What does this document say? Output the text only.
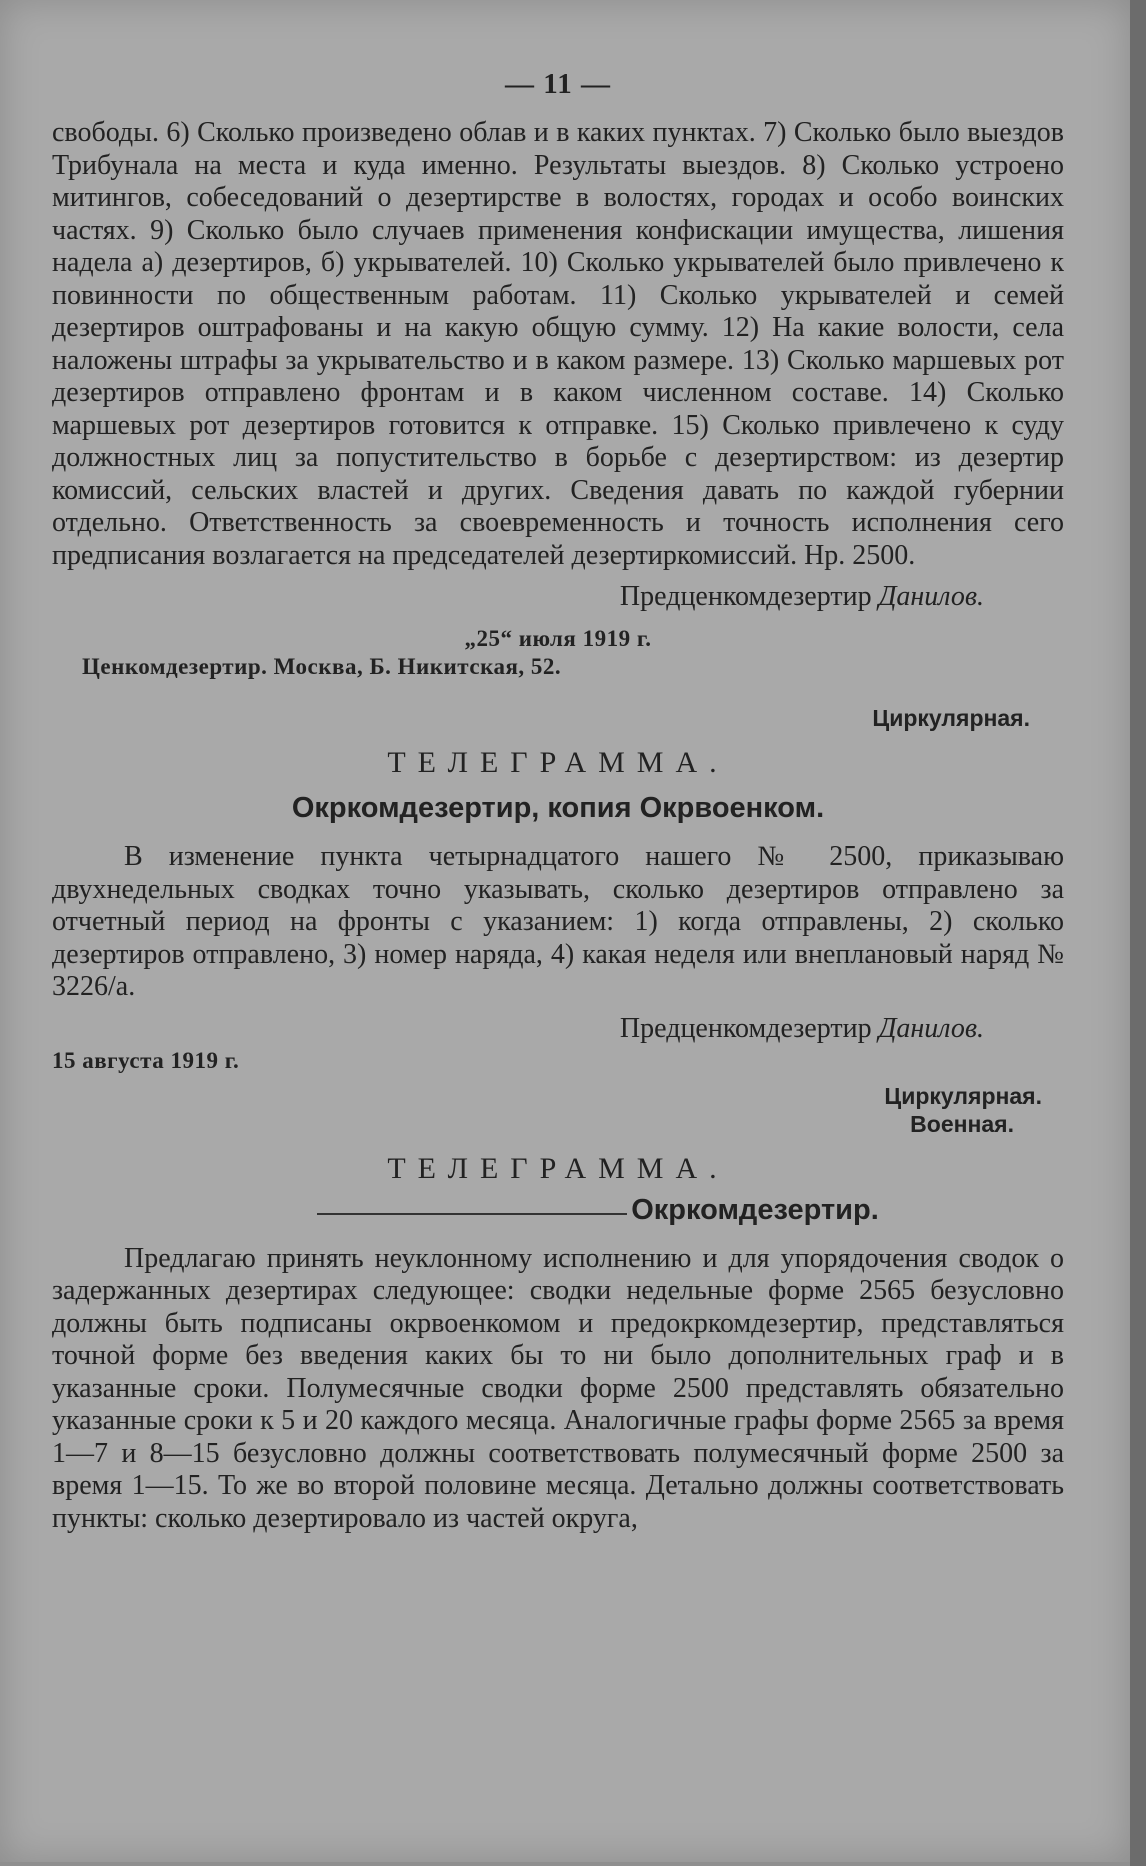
— 11 —

свободы. 6) Сколько произведено облав и в каких пунктах. 7) Сколько было выездов Трибунала на места и куда именно. Результаты выездов. 8) Сколько устроено митингов, собеседований о дезертирстве в волостях, городах и особо воинских частях. 9) Сколько было случаев применения конфискации имущества, лишения надела а) дезертиров, б) укрывателей. 10) Сколько укрывателей было привлечено к повинности по общественным работам. 11) Сколько укрывателей и семей дезертиров оштрафованы и на какую общую сумму. 12) На какие волости, села наложены штрафы за укрывательство и в каком размере. 13) Сколько маршевых рот дезертиров отправлено фронтам и в каком численном составе. 14) Сколько маршевых рот дезертиров готовится к отправке. 15) Сколько привлечено к суду должностных лиц за попустительство в борьбе с дезертирством: из дезертир комиссий, сельских властей и других. Сведения давать по каждой губернии отдельно. Ответственность за своевременность и точность исполнения сего предписания возлагается на председателей дезертиркомиссий. Нр. 2500.

Предценкомдезертир Данилов.
„25“ июля 1919 г.
Ценкомдезертир. Москва, Б. Никитская, 52.
Циркулярная.
ТЕЛЕГРАММА.
Окркомдезертир, копия Окрвоенком.

В изменение пункта четырнадцатого нашего № 2500, приказываю двухнедельных сводках точно указывать, сколько дезертиров отправлено за отчетный период на фронты с указанием: 1) когда отправлены, 2) сколько дезертиров отправлено, 3) номер наряда, 4) какая неделя или внеплановый наряд № 3226/а.

Предценкомдезертир Данилов.
15 августа 1919 г.
Циркулярная.
Военная.
ТЕЛЕГРАММА.
Окркомдезертир.

Предлагаю принять неуклонному исполнению и для упорядочения сводок о задержанных дезертирах следующее: сводки недельные форме 2565 безусловно должны быть подписаны окрвоенкомом и предокркомдезертир, представляться точной форме без введения каких бы то ни было дополнительных граф и в указанные сроки. Полумесячные сводки форме 2500 представлять обязательно указанные сроки к 5 и 20 каждого месяца. Аналогичные графы форме 2565 за время 1—7 и 8—15 безусловно должны соответствовать полумесячный форме 2500 за время 1—15. То же во второй половине месяца. Детально должны соответствовать пункты: сколько дезертировало из частей округа,
